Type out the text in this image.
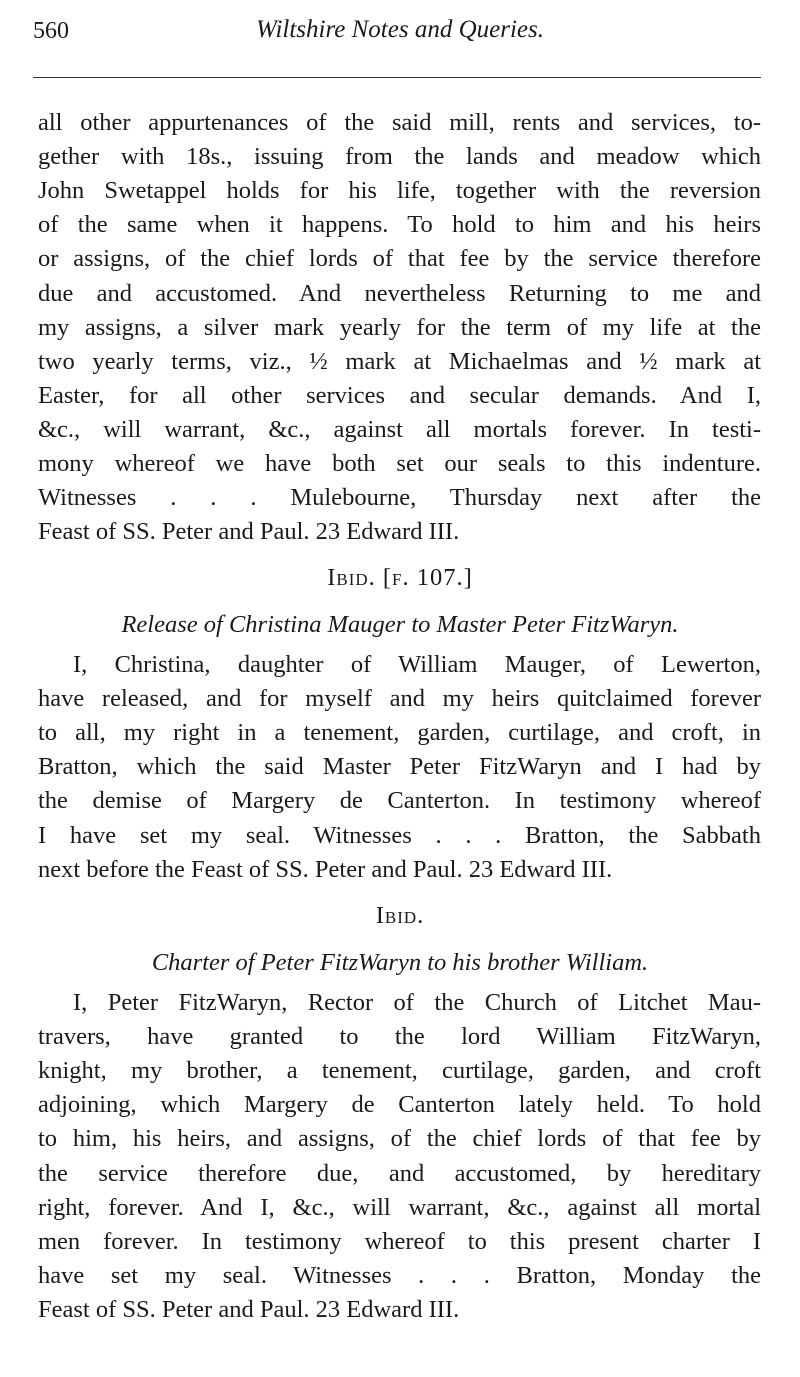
560	Wiltshire Notes and Queries.
all other appurtenances of the said mill, rents and services, to-
gether with 18s., issuing from the lands and meadow which
John Swetappel holds for his life, together with the reversion
of the same when it happens. To hold to him and his heirs
or assigns, of the chief lords of that fee by the service therefore
due and accustomed. And nevertheless Returning to me and
my assigns, a silver mark yearly for the term of my life at the
two yearly terms, viz., ½ mark at Michaelmas and ½ mark at
Easter, for all other services and secular demands. And I,
&c., will warrant, &c., against all mortals forever. In testi-
mony whereof we have both set our seals to this indenture.
Witnesses . . . Mulebourne, Thursday next after the
Feast of SS. Peter and Paul. 23 Edward III.
Ibid. [f. 107.]
Release of Christina Mauger to Master Peter FitzWaryn.
I, Christina, daughter of William Mauger, of Lewerton,
have released, and for myself and my heirs quitclaimed forever
to all, my right in a tenement, garden, curtilage, and croft, in
Bratton, which the said Master Peter FitzWaryn and I had by
the demise of Margery de Canterton. In testimony whereof
I have set my seal. Witnesses . . . Bratton, the Sabbath
next before the Feast of SS. Peter and Paul. 23 Edward III.
Ibid.
Charter of Peter FitzWaryn to his brother William.
I, Peter FitzWaryn, Rector of the Church of Litchet Mau-
travers, have granted to the lord William FitzWaryn,
knight, my brother, a tenement, curtilage, garden, and croft
adjoining, which Margery de Canterton lately held. To hold
to him, his heirs, and assigns, of the chief lords of that fee by
the service therefore due, and accustomed, by hereditary
right, forever. And I, &c., will warrant, &c., against all mortal
men forever. In testimony whereof to this present charter I
have set my seal. Witnesses . . . Bratton, Monday the
Feast of SS. Peter and Paul. 23 Edward III.
